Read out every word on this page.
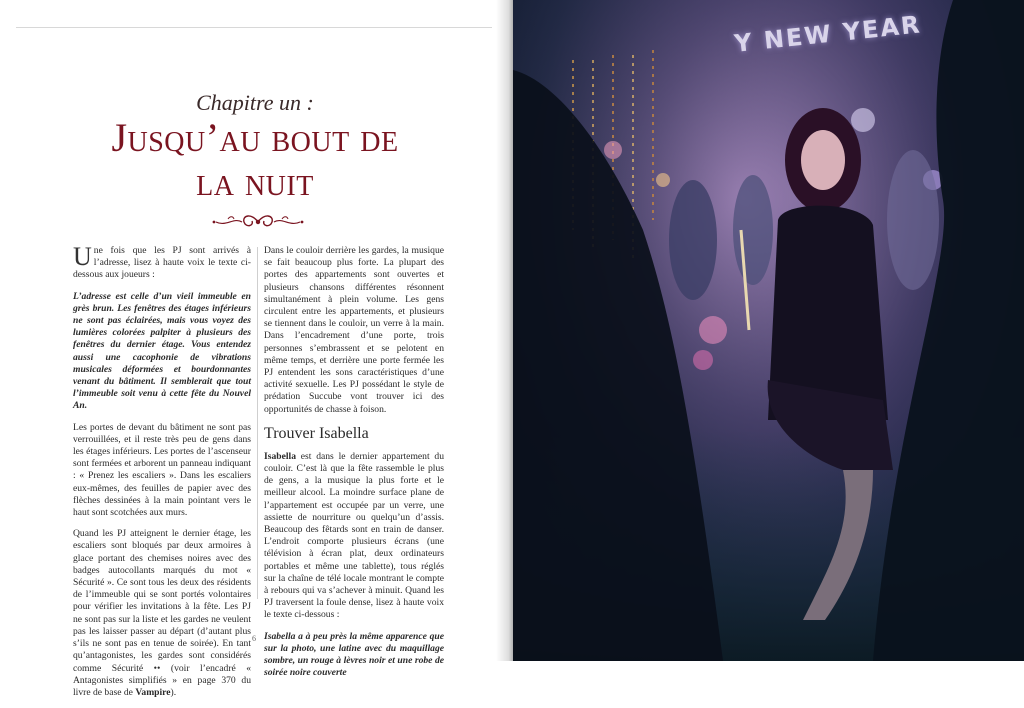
Chapitre un :
Jusqu’au bout de
la nuit

Une fois que les PJ sont arrivés à l’adresse, lisez à haute voix le texte ci-dessous aux joueurs :

L’adresse est celle d’un vieil immeuble en grès brun. Les fenêtres des étages inférieurs ne sont pas éclairées, mais vous voyez des lumières colorées palpiter à plusieurs des fenêtres du dernier étage. Vous entendez aussi une cacophonie de vibrations musicales déformées et bourdonnantes venant du bâtiment. Il semblerait que tout l’immeuble soit venu à cette fête du Nouvel An.

Les portes de devant du bâtiment ne sont pas verrouillées, et il reste très peu de gens dans les étages inférieurs. Les portes de l’ascenseur sont fermées et arborent un panneau indiquant : « Prenez les escaliers ». Dans les escaliers eux-mêmes, des feuilles de papier avec des flèches dessinées à la main pointant vers le haut sont scotchées aux murs.

Quand les PJ atteignent le dernier étage, les escaliers sont bloqués par deux armoires à glace portant des chemises noires avec des badges autocollants marqués du mot « Sécurité ». Ce sont tous les deux des résidents de l’immeuble qui se sont portés volontaires pour vérifier les invitations à la fête. Les PJ ne sont pas sur la liste et les gardes ne veulent pas les laisser passer au départ (d’autant plus s’ils ne sont pas en tenue de soirée). En tant qu’antagonistes, les gardes sont considérés comme Sécurité •• (voir l’encadré « Antagonistes simplifiés » en page 370 du livre de base de Vampire).

Dans le couloir derrière les gardes, la musique se fait beaucoup plus forte. La plupart des portes des appartements sont ouvertes et plusieurs chansons différentes résonnent simultanément à plein volume. Les gens circulent entre les appartements, et plusieurs se tiennent dans le couloir, un verre à la main. Dans l’encadrement d’une porte, trois personnes s’embrassent et se pelotent en même temps, et derrière une porte fermée les PJ entendent les sons caractéristiques d’une activité sexuelle. Les PJ possédant le style de prédation Succube vont trouver ici des opportunités de chasse à foison.

Trouver Isabella

Isabella est dans le dernier appartement du couloir. C’est là que la fête rassemble le plus de gens, a la musique la plus forte et le meilleur alcool. La moindre surface plane de l’appartement est occupée par un verre, une assiette de nourriture ou quelqu’un d’assis. Beaucoup des fêtards sont en train de danser. L’endroit comporte plusieurs écrans (une télévision à écran plat, deux ordinateurs portables et même une tablette), tous réglés sur la chaîne de télé locale montrant le compte à rebours qui va s’achever à minuit. Quand les PJ traversent la foule dense, lisez à haute voix le texte ci-dessous :

Isabella a à peu près la même apparence que sur la photo, une latine avec du maquillage sombre, un rouge à lèvres noir et une robe de soirée noire couverte

6
Y NEW YEAR
